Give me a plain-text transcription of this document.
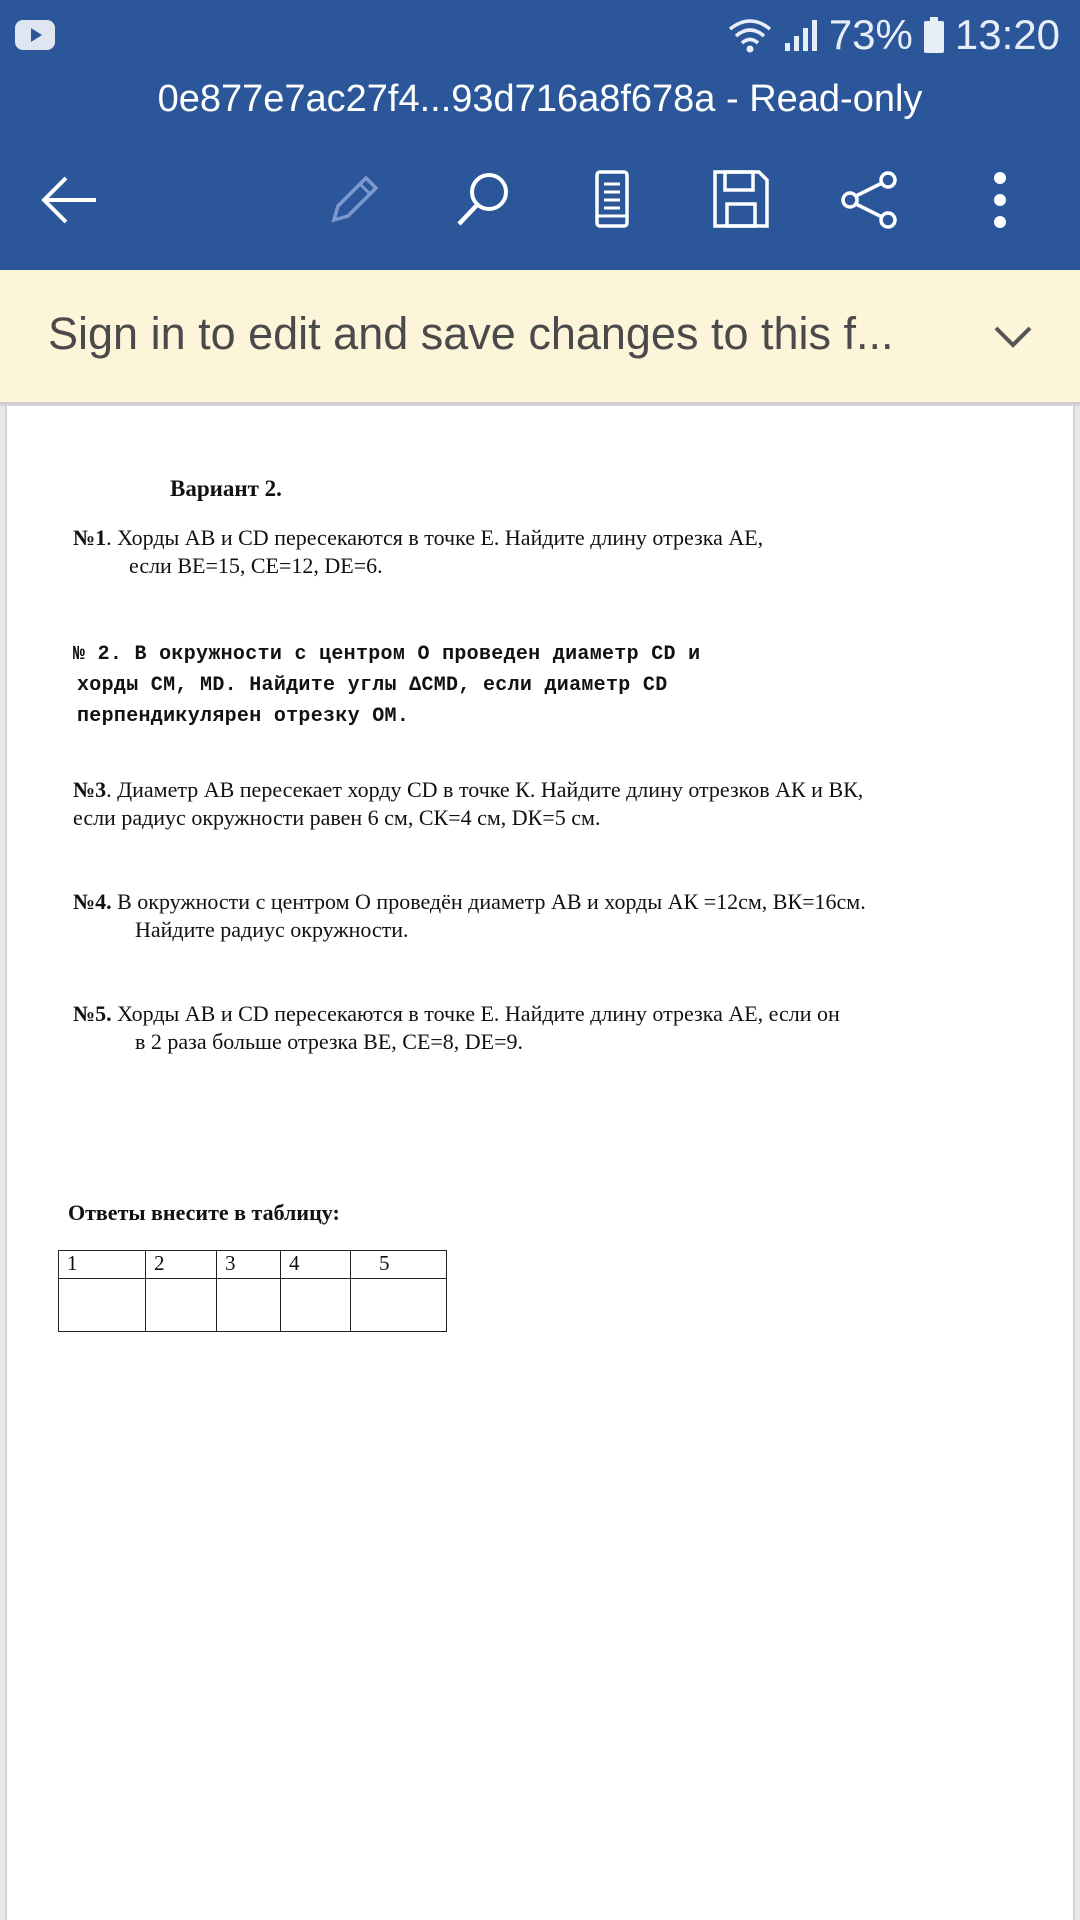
73% 13:20
0e877e7ac27f4...93d716a8f678a - Read-only
Sign in to edit and save changes to this f...
Вариант 2.
№1. Хорды AB и CD пересекаются в точке E. Найдите длину отрезка AE,
если BE=15, CE=12, DE=6.
№ 2. В окружности с центром O проведен диаметр CD и
хорды CM, MD. Найдите углы ΔCMD, если диаметр CD
перпендикулярен отрезку OM.
№3. Диаметр AB пересекает хорду CD в точке К. Найдите длину отрезков АК и ВК,
если радиус окружности равен 6 см, СК=4 см, DК=5 см.
№4. В окружности с центром О проведён диаметр АВ и хорды АК =12см, ВК=16см.
Найдите радиус окружности.
№5. Хорды AB и CD пересекаются в точке E. Найдите длину отрезка AE, если он
в 2 раза больше отрезка BE, CE=8, DE=9.
Ответы внесите в таблицу:
1	2	3	4	5
